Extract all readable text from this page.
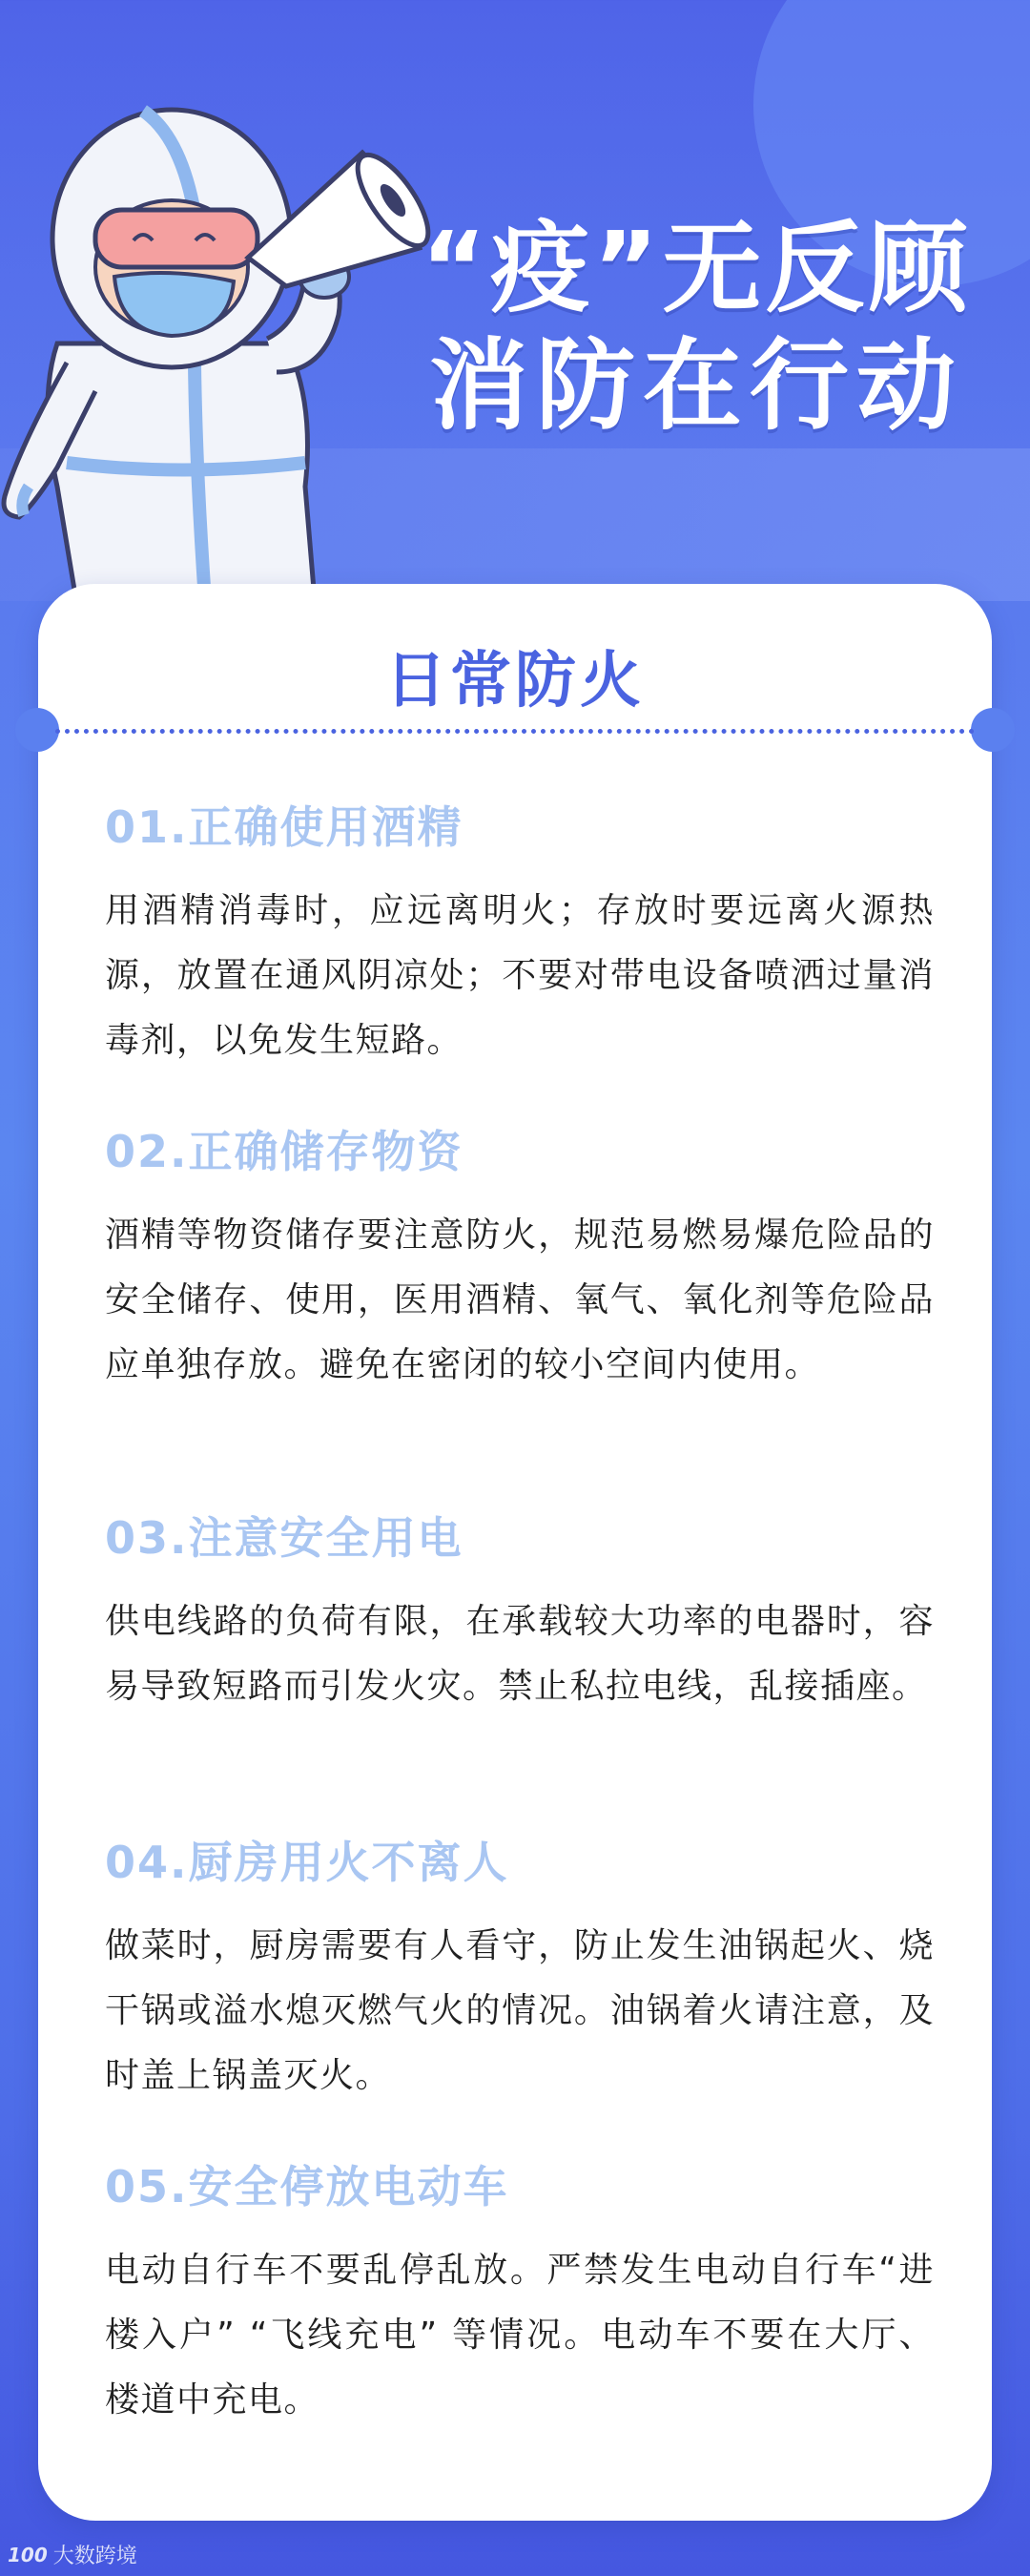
“疫”无反顾
消防在行动
日常防火

01.正确使用酒精

用酒精消毒时，应远离明火；存放时要远离火源热源，放置在通风阴凉处；不要对带电设备喷洒过量消毒剂，以免发生短路。

02.正确储存物资

酒精等物资储存要注意防火，规范易燃易爆危险品的安全储存、使用，医用酒精、氧气、氧化剂等危险品应单独存放。避免在密闭的较小空间内使用。

03.注意安全用电

供电线路的负荷有限，在承载较大功率的电器时，容易导致短路而引发火灾。禁止私拉电线，乱接插座。

04.厨房用火不离人

做菜时，厨房需要有人看守，防止发生油锅起火、烧干锅或溢水熄灭燃气火的情况。油锅着火请注意，及时盖上锅盖灭火。

05.安全停放电动车

电动自行车不要乱停乱放。严禁发生电动自行车“进楼入户” “飞线充电” 等情况。电动车不要在大厅、楼道中充电。

100 大数跨境
